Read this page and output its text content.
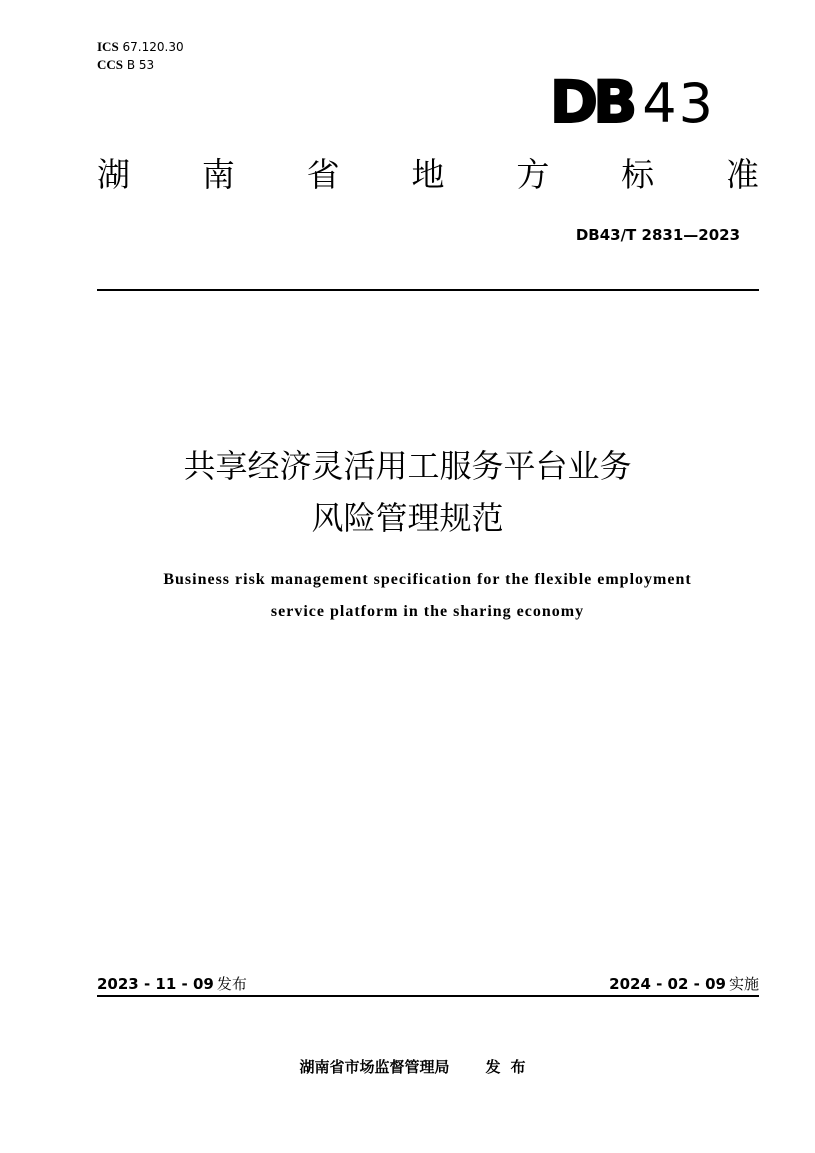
ICS 67.120.30
CCS B 53
DB 43
湖 南 省 地 方 标 准
DB43/T 2831—2023
共享经济灵活用工服务平台业务
风险管理规范
Business risk management specification for the flexible employment
service platform in the sharing economy
2023 - 11 - 09 发布	2024 - 02 - 09 实施
湖南省市场监督管理局 发布
